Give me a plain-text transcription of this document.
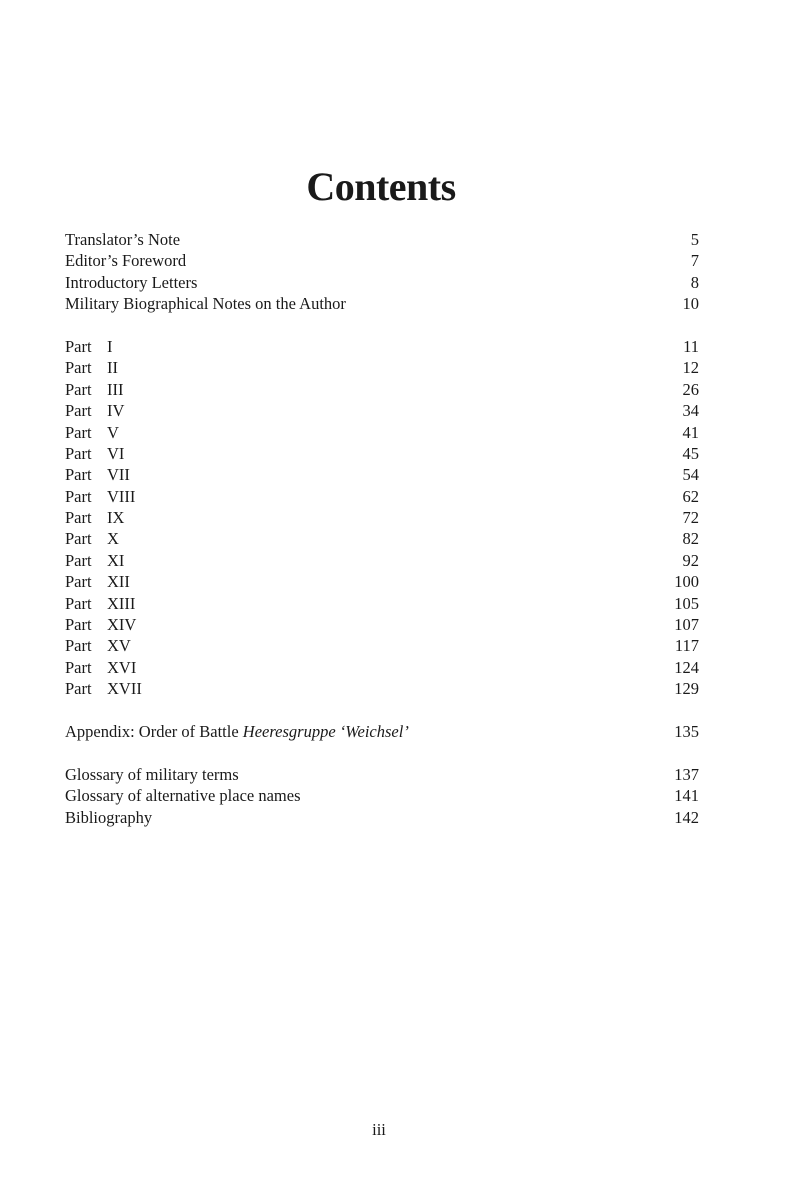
Contents
Translator’s Note	5
Editor’s Foreword	7
Introductory Letters	8
Military Biographical Notes on the Author	10
Part I	11
Part II	12
Part III	26
Part IV	34
Part V	41
Part VI	45
Part VII	54
Part VIII	62
Part IX	72
Part X	82
Part XI	92
Part XII	100
Part XIII	105
Part XIV	107
Part XV	117
Part XVI	124
Part XVII	129
Appendix: Order of Battle Heeresgruppe ‘Weichsel’	135
Glossary of military terms	137
Glossary of alternative place names	141
Bibliography	142
iii
